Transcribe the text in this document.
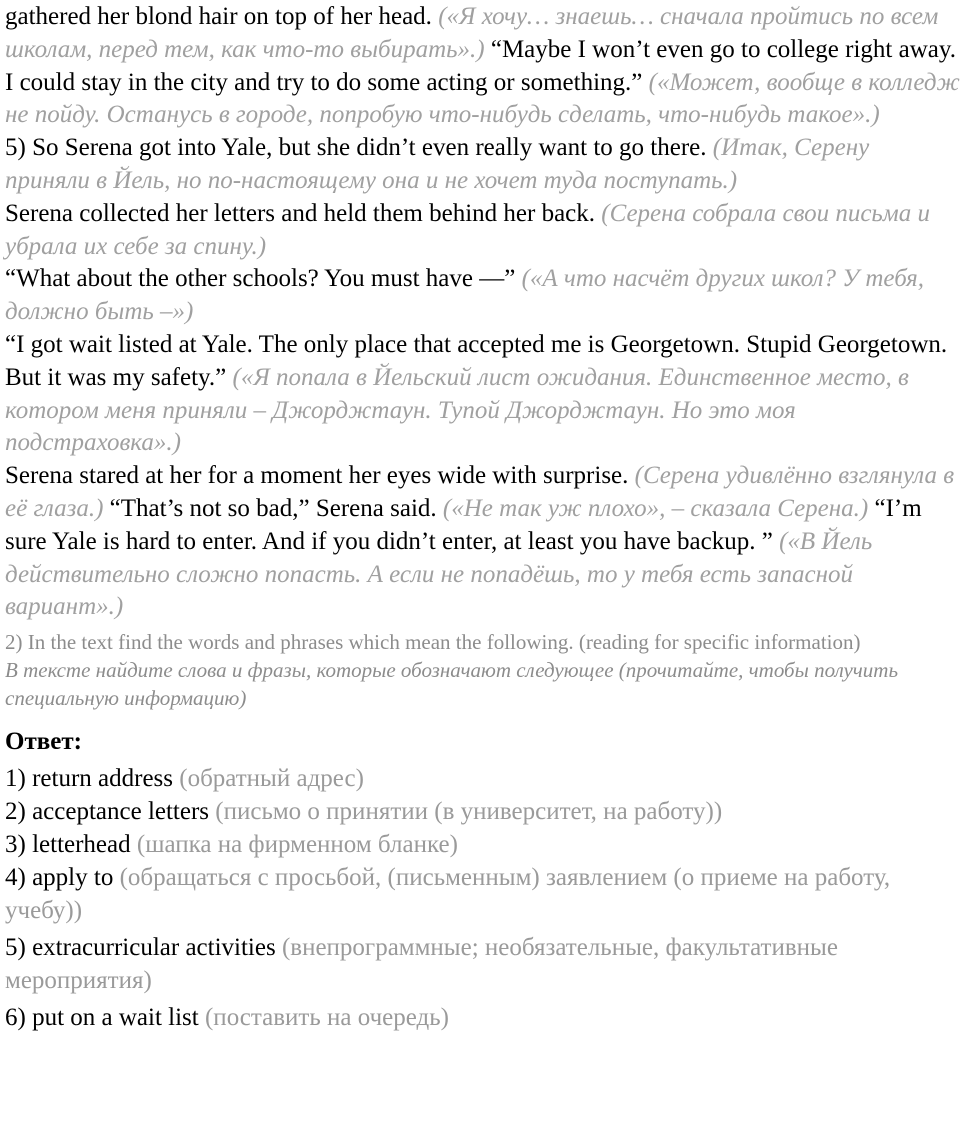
gathered her blond hair on top of her head. («Я хочу… знаешь… сначала пройтись по всем школам, перед тем, как что-то выбирать».) “Maybe I won’t even go to college right away. I could stay in the city and try to do some acting or something.” («Может, вообще в колледж не пойду. Останусь в городе, попробую что-нибудь сделать, что-нибудь такое».)

5) So Serena got into Yale, but she didn’t even really want to go there. (Итак, Серену приняли в Йель, но по-настоящему она и не хочет туда поступать.)

Serena collected her letters and held them behind her back. (Серена собрала свои письма и убрала их себе за спину.)

“What about the other schools? You must have —” («А что насчёт других школ? У тебя, должно быть –»)

“I got wait listed at Yale. The only place that accepted me is Georgetown. Stupid Georgetown. But it was my safety.” («Я попала в Йельский лист ожидания. Единственное место, в котором меня приняли – Джорджтаун. Тупой Джорджтаун. Но это моя подстраховка».)

Serena stared at her for a moment her eyes wide with surprise. (Серена удивлённо взглянула в её глаза.) “That’s not so bad,” Serena said. («Не так уж плохо», – сказала Серена.) “I’m sure Yale is hard to enter. And if you didn’t enter, at least you have backup. ” («В Йель действительно сложно попасть. А если не попадёшь, то у тебя есть запасной вариант».)

2) In the text find the words and phrases which mean the following. (reading for specific information)
В тексте найдите слова и фразы, которые обозначают следующее (прочитайте, чтобы получить специальную информацию)
Ответ:
1) return address (обратный адрес)
2) acceptance letters (письмо о принятии (в университет, на работу))
3) letterhead (шапка на фирменном бланке)
4) apply to (обращаться с просьбой, (письменным) заявлением (о приеме на работу, учебу))
5) extracurricular activities (внепрограммные; необязательные, факультативные мероприятия)
6) put on a wait list (поставить на очередь)
